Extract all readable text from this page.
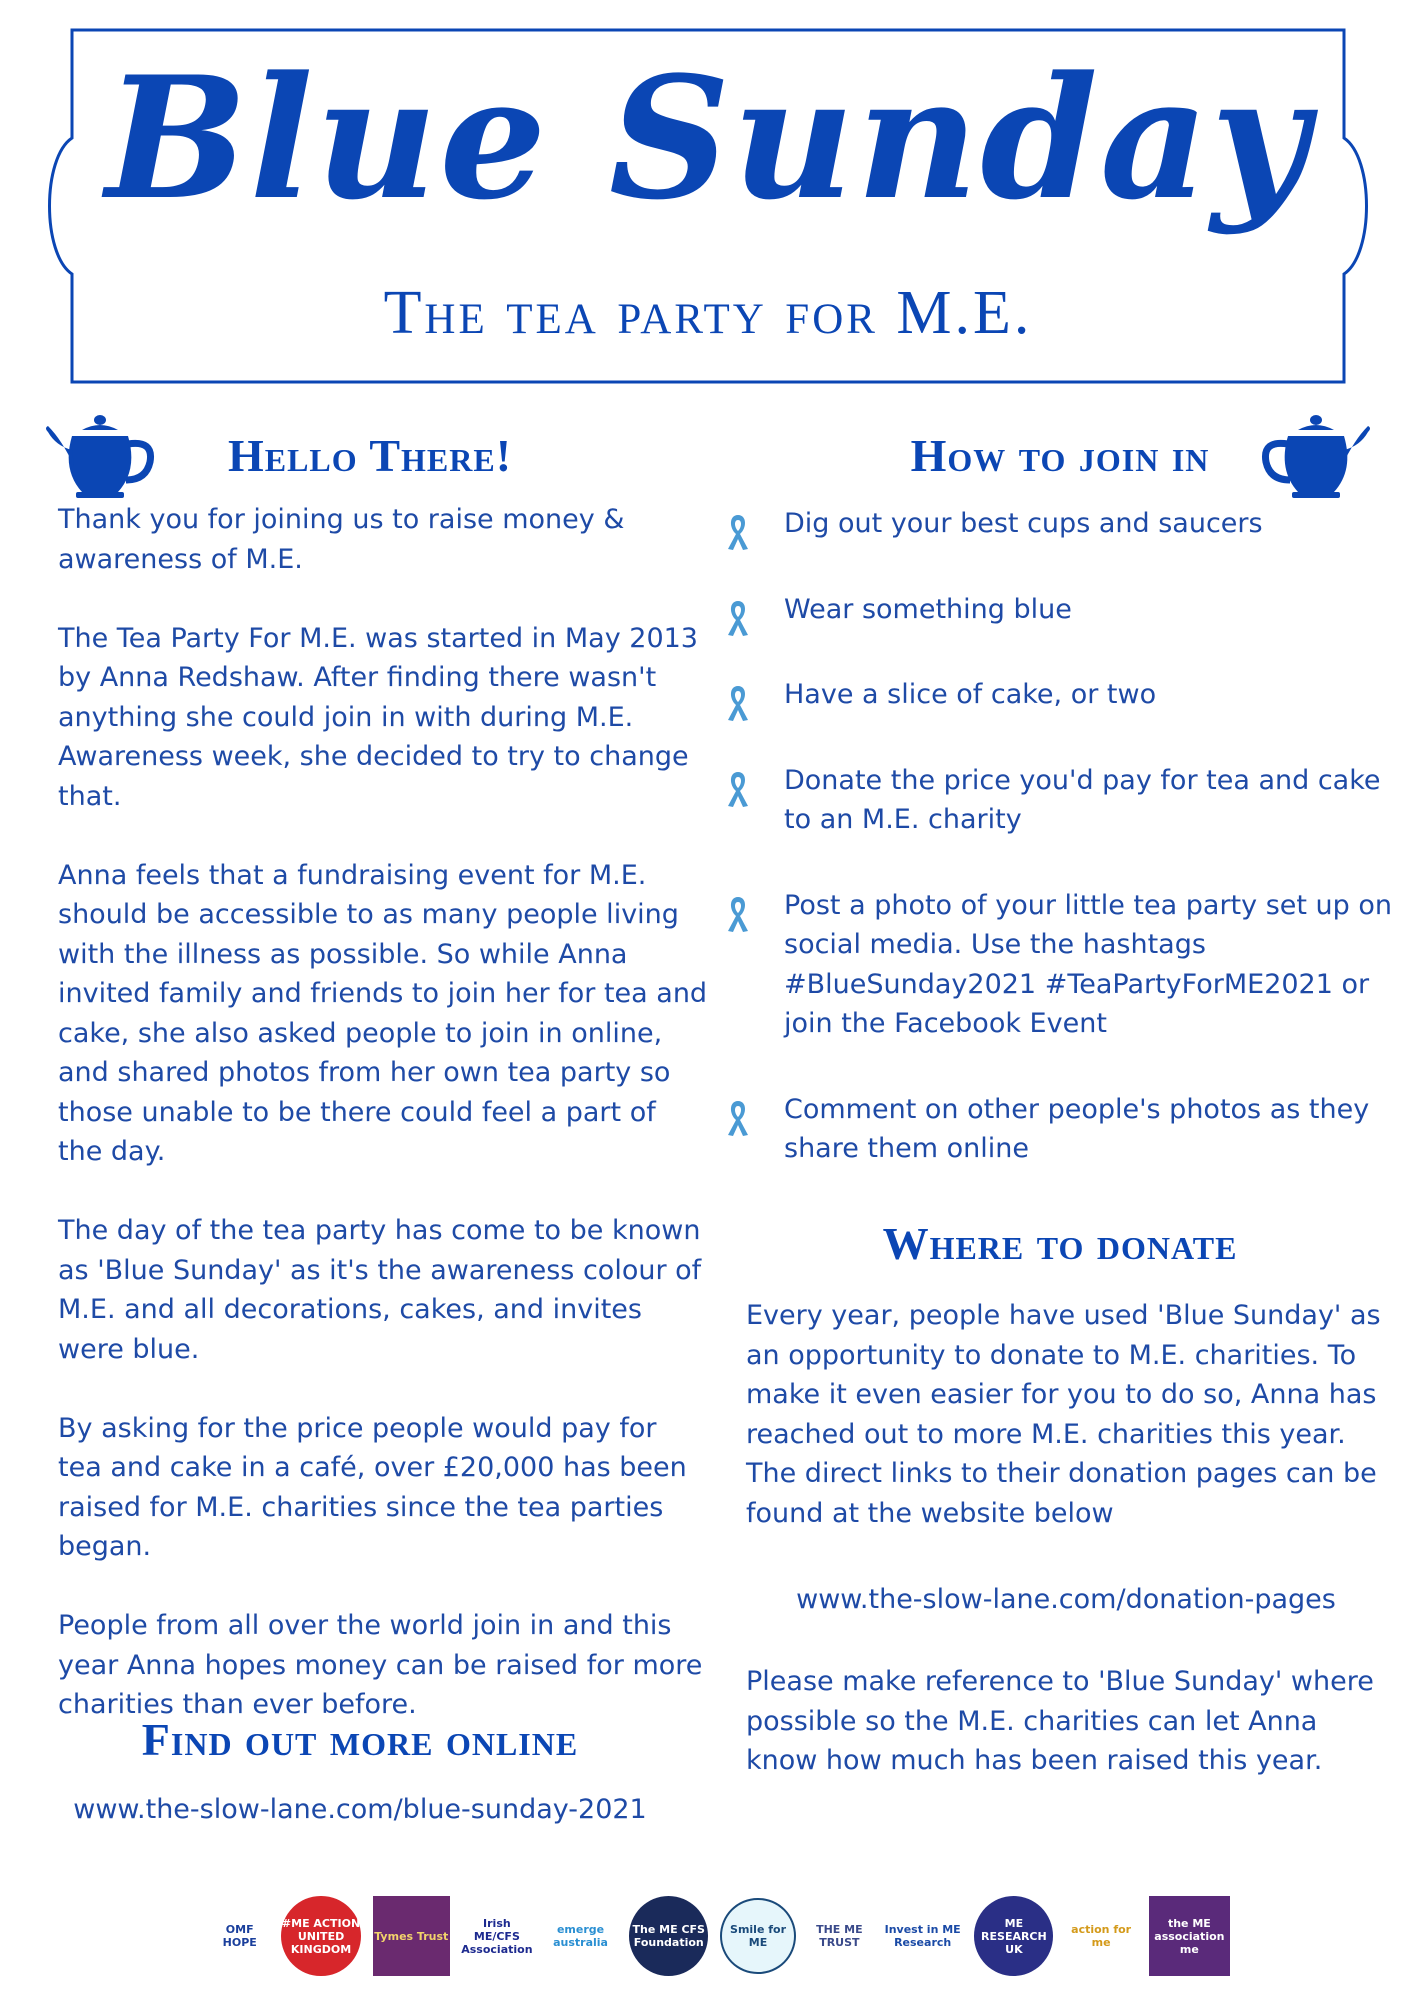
Blue Sunday

The tea party for M.E.

Hello There!

Thank you for joining us to raise money & awareness of M.E.

The Tea Party For M.E. was started in May 2013 by Anna Redshaw. After finding there wasn't anything she could join in with during M.E. Awareness week, she decided to try to change that.

Anna feels that a fundraising event for M.E. should be accessible to as many people living with the illness as possible. So while Anna invited family and friends to join her for tea and cake, she also asked people to join in online, and shared photos from her own tea party so those unable to be there could feel a part of the day.

The day of the tea party has come to be known as 'Blue Sunday' as it's the awareness colour of M.E. and all decorations, cakes, and invites were blue.

By asking for the price people would pay for tea and cake in a café, over £20,000 has been raised for M.E. charities since the tea parties began.

People from all over the world join in and this year Anna hopes money can be raised for more charities than ever before.

Find out more online

www.the-slow-lane.com/blue-sunday-2021

How to join in
Dig out your best cups and saucers
Wear something blue
Have a slice of cake, or two
Donate the price you'd pay for tea and cake to an M.E. charity
Post a photo of your little tea party set up on social media. Use the hashtags #BlueSunday2021 #TeaPartyForME2021 or join the Facebook Event
Comment on other people's photos as they share them online
Where to donate

Every year, people have used 'Blue Sunday' as an opportunity to donate to M.E. charities. To make it even easier for you to do so, Anna has reached out to more M.E. charities this year. The direct links to their donation pages can be found at the website below

www.the-slow-lane.com/donation-pages

Please make reference to 'Blue Sunday' where possible so the M.E. charities can let Anna know how much has been raised this year.

OMF HOPE
#ME ACTION UNITED KINGDOM
Tymes Trust
Irish ME/CFS Association
emerge australia
The ME CFS Foundation
Smile for ME
THE ME TRUST
Invest in ME Research
ME RESEARCH UK
action for me
the ME association me
